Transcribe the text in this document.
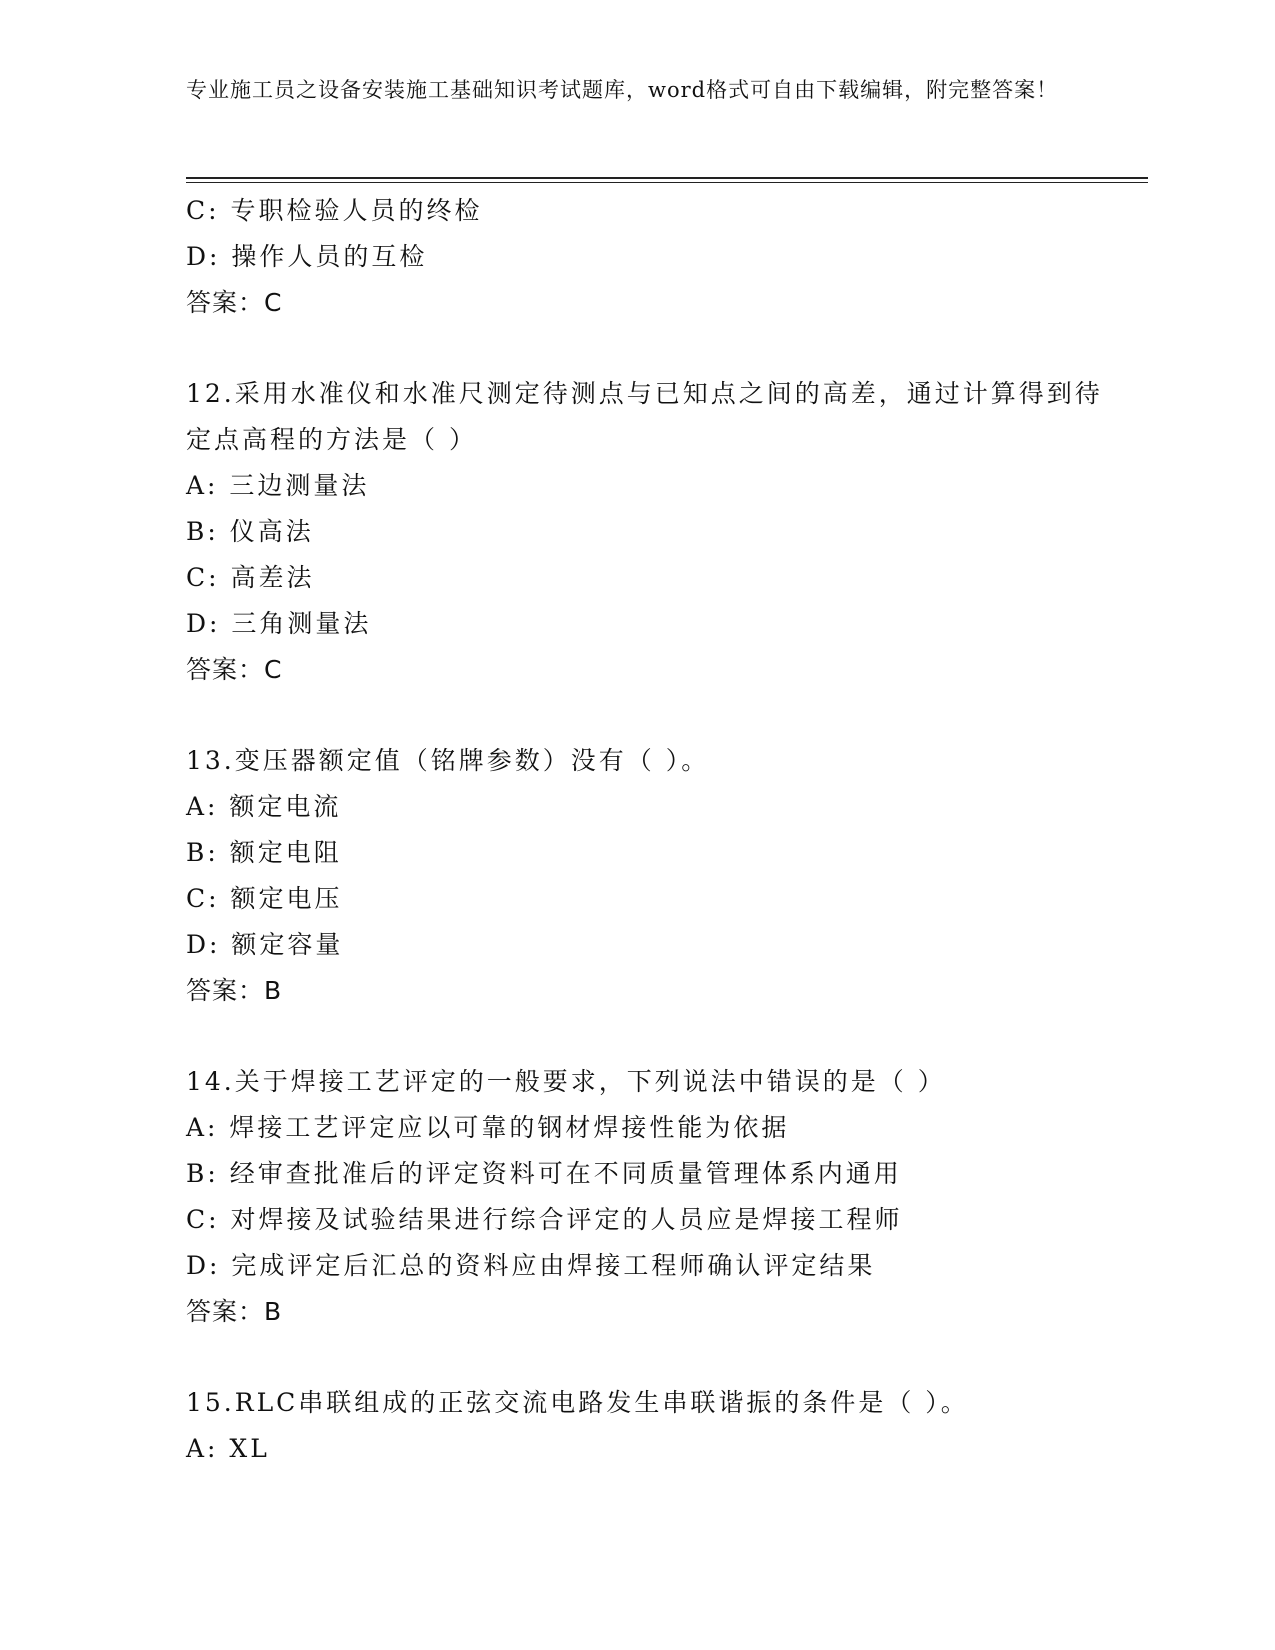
专业施工员之设备安装施工基础知识考试题库，word格式可自由下载编辑，附完整答案！
C: 专职检验人员的终检
D: 操作人员的互检
答案：C
12.采用水准仪和水准尺测定待测点与已知点之间的高差，通过计算得到待定点高程的方法是（ ）
A: 三边测量法
B: 仪高法
C: 高差法
D: 三角测量法
答案：C
13.变压器额定值（铭牌参数）没有（ ）。
A: 额定电流
B: 额定电阻
C: 额定电压
D: 额定容量
答案：B
14.关于焊接工艺评定的一般要求，下列说法中错误的是（ ）
A: 焊接工艺评定应以可靠的钢材焊接性能为依据
B: 经审查批准后的评定资料可在不同质量管理体系内通用
C: 对焊接及试验结果进行综合评定的人员应是焊接工程师
D: 完成评定后汇总的资料应由焊接工程师确认评定结果
答案：B
15.RLC串联组成的正弦交流电路发生串联谐振的条件是（ ）。
A: XL
